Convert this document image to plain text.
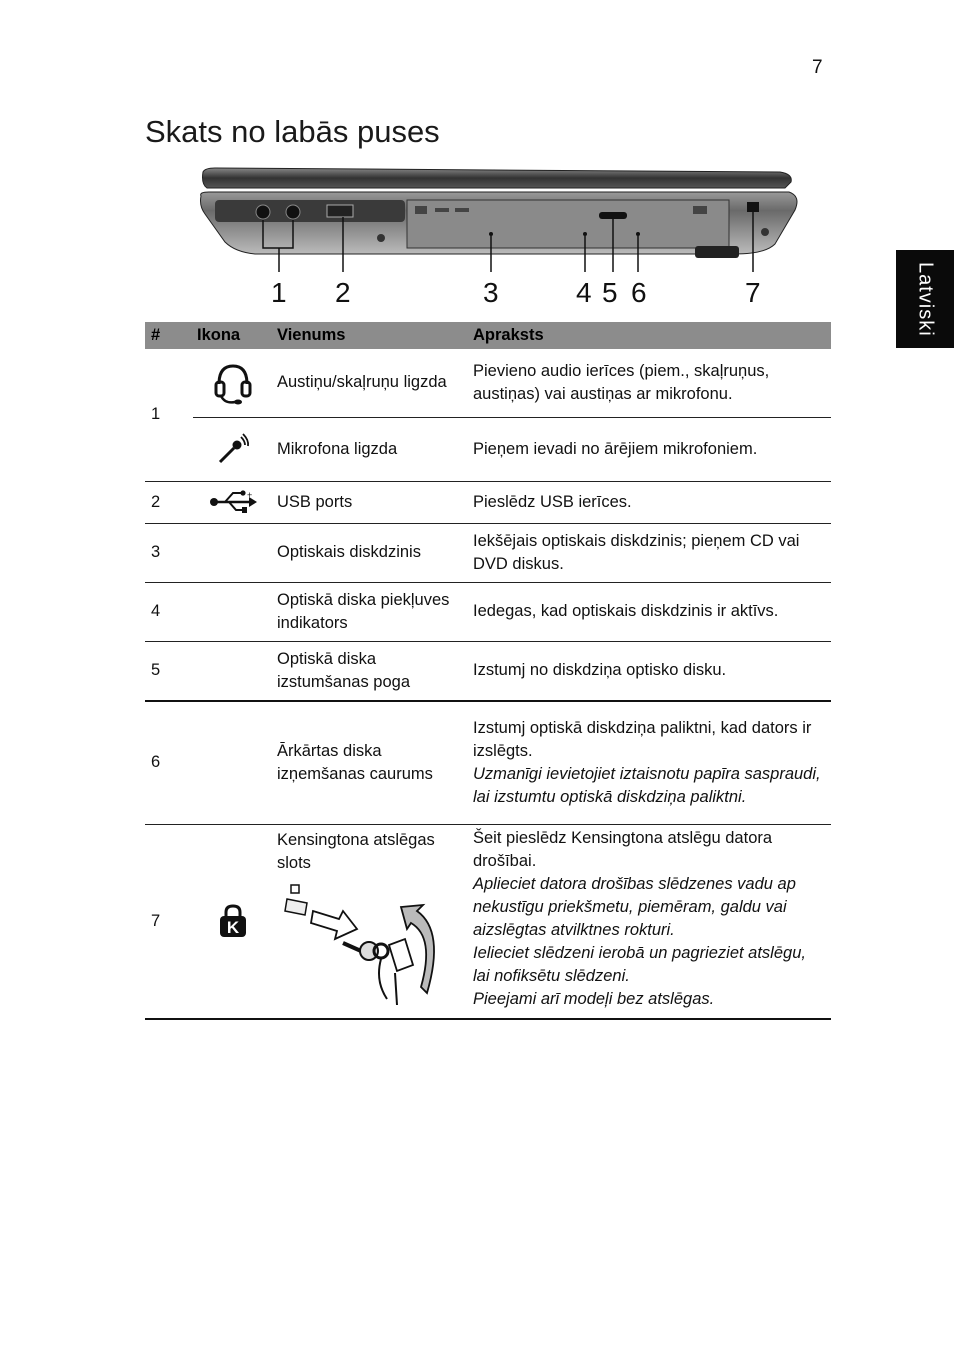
7
Skats no labās puses
Latviski
1 2	3	4 5 6	7
#	Ikona	Vienums	Apraksts
1		Austiņu/skaļruņu ligzda	Pievieno audio ierīces (piem., skaļruņus, austiņas) vai austiņas ar mikrofonu.
	Mikrofona ligzda	Pieņem ievadi no ārējiem mikrofoniem.
2	+	USB ports	Pieslēdz USB ierīces.
3		Optiskais diskdzinis	Iekšējais optiskais diskdzinis; pieņem CD vai DVD diskus.
4		Optiskā diska piekļuves indikators	Iedegas, kad optiskais diskdzinis ir aktīvs.
5		Optiskā diska izstumšanas poga	Izstumj no diskdziņa optisko disku.
6		Ārkārtas diska izņemšanas caurums	Izstumj optiskā diskdziņa paliktni, kad dators ir izslēgts.
Uzmanīgi ievietojiet iztaisnotu papīra saspraudi, lai izstumtu optiskā diskdziņa paliktni.

7	K	Kensingtona atslēgas slots	Šeit pieslēdz Kensingtona atslēgu datora drošībai.
Aplieciet datora drošības slēdzenes vadu ap nekustīgu priekšmetu, piemēram, galdu vai aizslēgtas atvilktnes rokturi.
Ielieciet slēdzeni ierobā un pagrieziet atslēgu, lai nofiksētu slēdzeni.
Pieejami arī modeļi bez atslēgas.
